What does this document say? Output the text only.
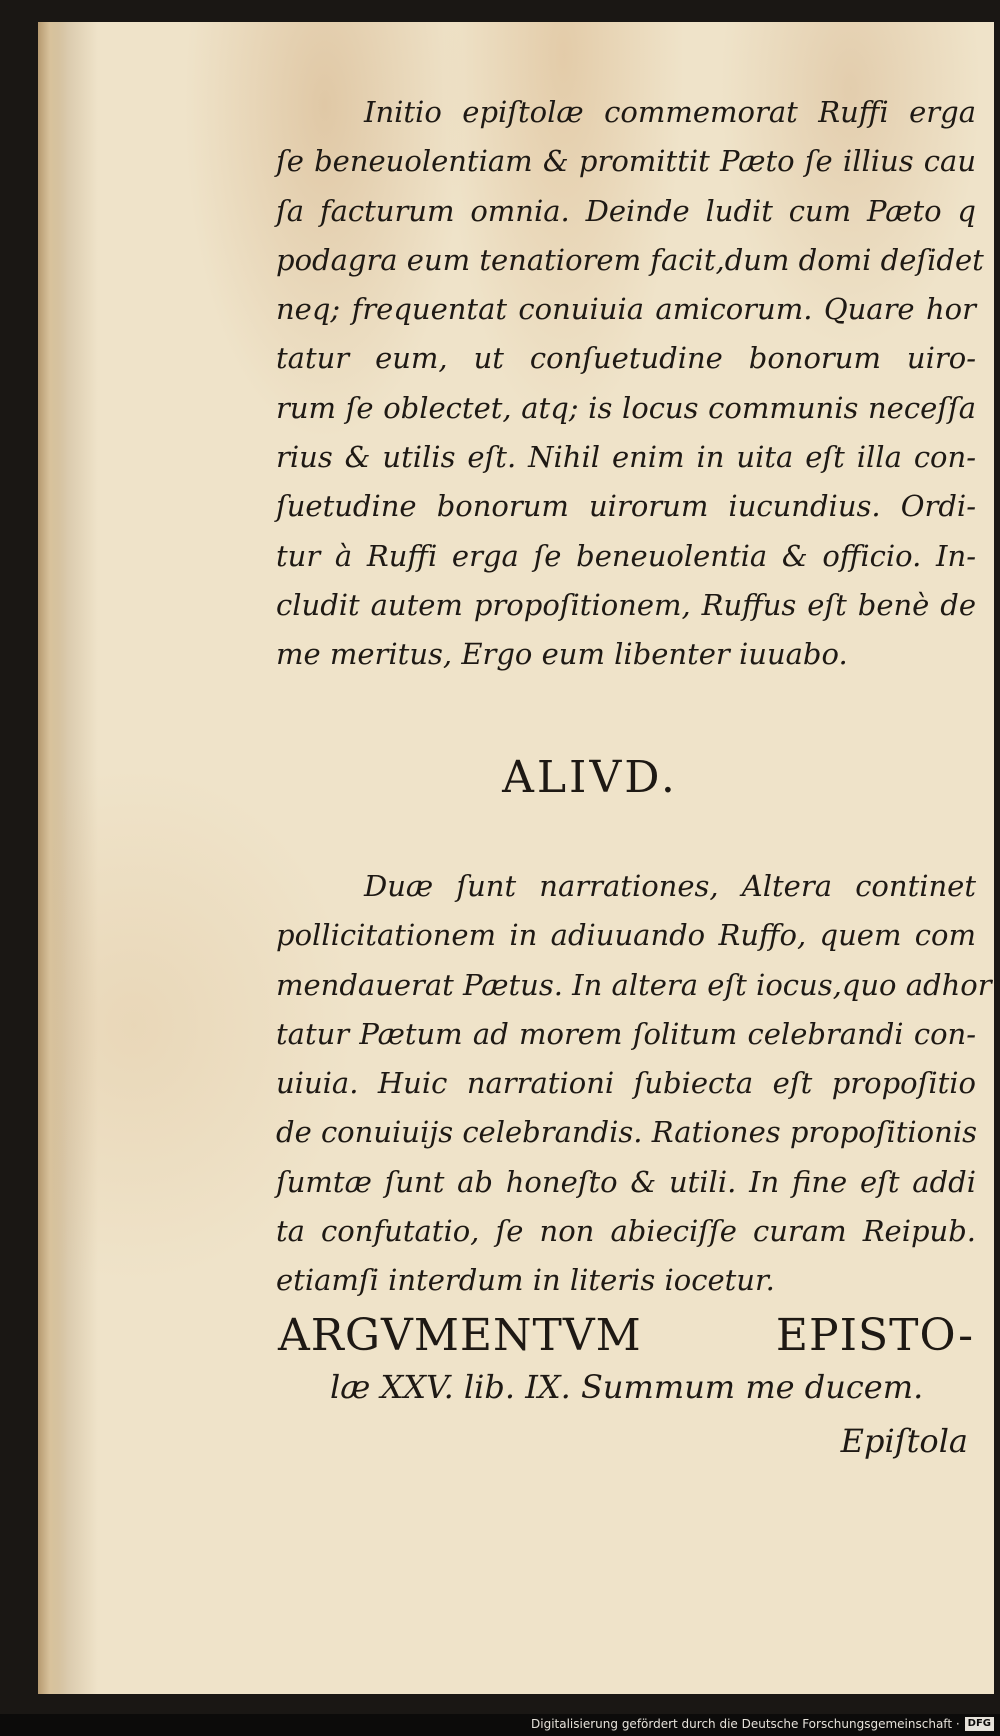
Initio epiſtolæ commemorat Ruffi erga
ſe beneuolentiam & promittit Pæto ſe illius cau
ſa facturum omnia. Deinde ludit cum Pæto q
podagra eum tenatiorem facit,dum domi deſidet
neq; frequentat conuiuia amicorum. Quare hor
tatur eum, ut conſuetudine bonorum uiro-
rum ſe oblectet, atq; is locus communis neceſſa
rius & utilis eſt. Nihil enim in uita eſt illa con-
ſuetudine bonorum uirorum iucundius. Ordi-
tur à Ruffi erga ſe beneuolentia & officio. In-
cludit autem propoſitionem, Ruffus eſt benè de
me meritus, Ergo eum libenter iuuabo.
ALIVD.
Duæ ſunt narrationes, Altera continet
pollicitationem in adiuuando Ruffo, quem com
mendauerat Pætus. In altera eſt iocus,quo adhor
tatur Pætum ad morem ſolitum celebrandi con-
uiuia. Huic narrationi ſubiecta eſt propoſitio
de conuiuijs celebrandis. Rationes propoſitionis
ſumtæ ſunt ab honeſto & utili. In fine eſt addi
ta confutatio, ſe non abieciſſe curam Reipub.
etiamſi interdum in literis iocetur.
ARGVMENTVM EPISTO-
læ XXV. lib. IX. Summum me ducem.
Epiſtola
Digitalisierung gefördert durch die Deutsche Forschungsgemeinschaft · DFG
